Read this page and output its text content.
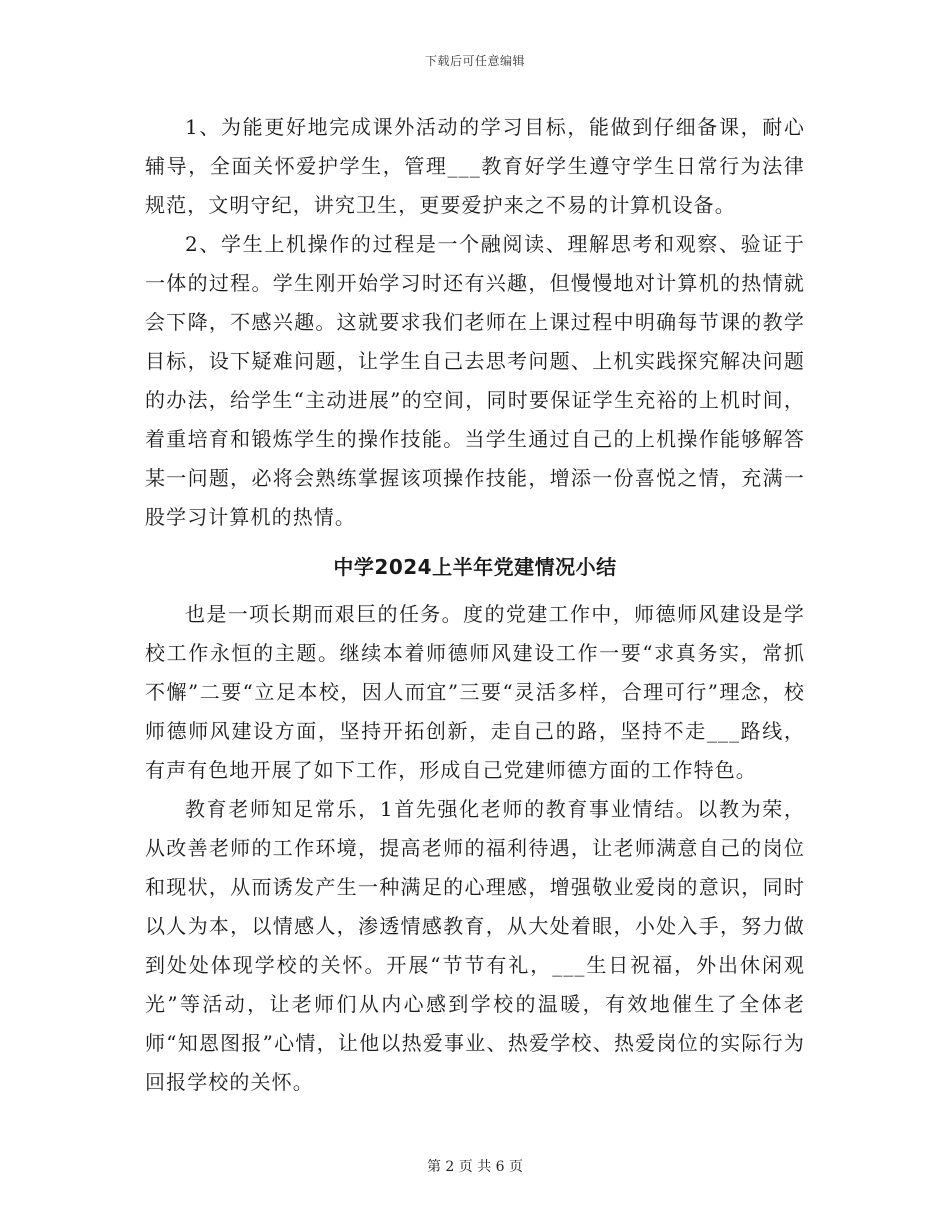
下载后可任意编辑

1、为能更好地完成课外活动的学习目标，能做到仔细备课，耐心辅导，全面关怀爱护学生，管理___教育好学生遵守学生日常行为法律规范，文明守纪，讲究卫生，更要爱护来之不易的计算机设备。

2、学生上机操作的过程是一个融阅读、理解思考和观察、验证于一体的过程。学生刚开始学习时还有兴趣，但慢慢地对计算机的热情就会下降，不感兴趣。这就要求我们老师在上课过程中明确每节课的教学目标，设下疑难问题，让学生自己去思考问题、上机实践探究解决问题的办法，给学生“主动进展”的空间，同时要保证学生充裕的上机时间，着重培育和锻炼学生的操作技能。当学生通过自己的上机操作能够解答某一问题，必将会熟练掌握该项操作技能，增添一份喜悦之情，充满一股学习计算机的热情。

中学2024上半年党建情况小结

也是一项长期而艰巨的任务。度的党建工作中，师德师风建设是学校工作永恒的主题。继续本着师德师风建设工作一要“求真务实，常抓不懈”二要“立足本校，因人而宜”三要“灵活多样，合理可行”理念，校师德师风建设方面，坚持开拓创新，走自己的路，坚持不走___路线，有声有色地开展了如下工作，形成自己党建师德方面的工作特色。

教育老师知足常乐，1首先强化老师的教育事业情结。以教为荣，从改善老师的工作环境，提高老师的福利待遇，让老师满意自己的岗位和现状，从而诱发产生一种满足的心理感，增强敬业爱岗的意识，同时以人为本，以情感人，渗透情感教育，从大处着眼，小处入手，努力做到处处体现学校的关怀。开展“节节有礼，___生日祝福，外出休闲观光”等活动，让老师们从内心感到学校的温暖，有效地催生了全体老师“知恩图报”心情，让他以热爱事业、热爱学校、热爱岗位的实际行为回报学校的关怀。

第 2 页 共 6 页
